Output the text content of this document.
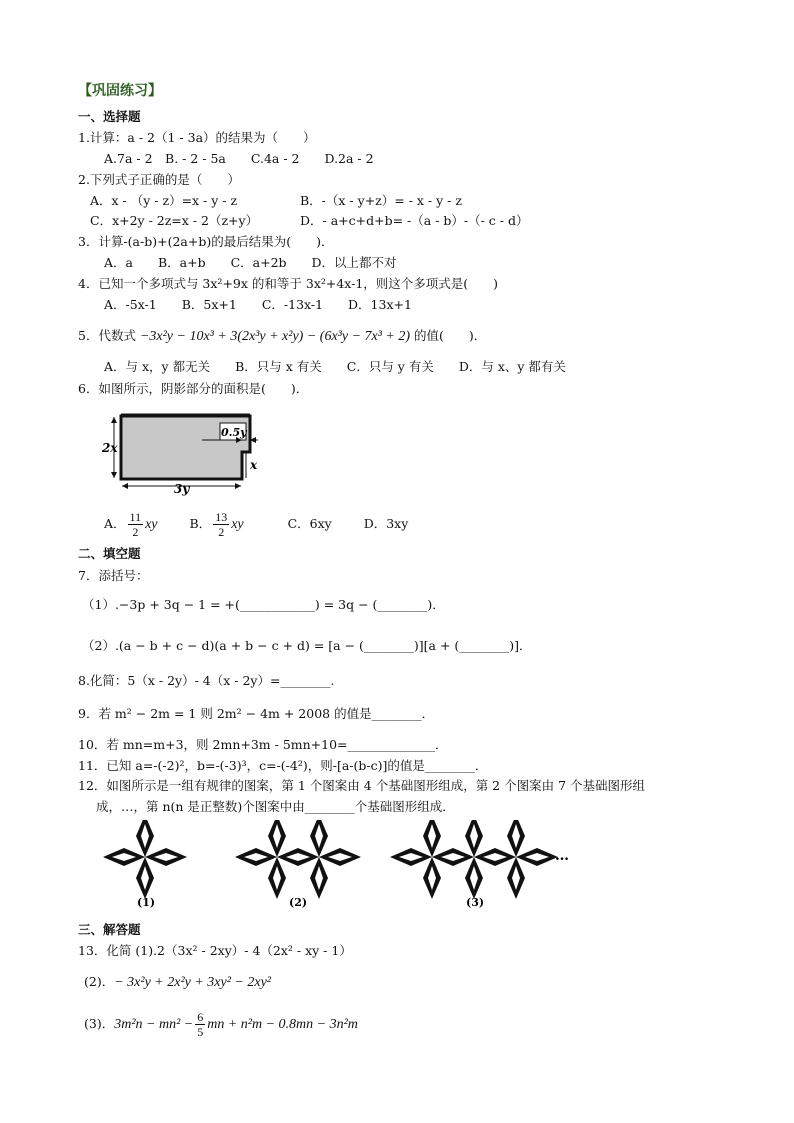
【巩固练习】
一、选择题
1.计算：a - 2（1 - 3a）的结果为（　　）
A.7a - 2　B. - 2 - 5a　　C.4a - 2　　D.2a - 2
2.下列式子正确的是（　　）
A．x - （y - z）=x - y - z	B．-（x - y+z）= - x - y - z
C．x+2y - 2z=x - 2（z+y）	D．- a+c+d+b= -（a - b）-（- c - d）
3．计算-(a-b)+(2a+b)的最后结果为(　　)．
A．a　　B．a+b　　C．a+2b　　D．以上都不对
4．已知一个多项式与 3x²+9x 的和等于 3x²+4x-1，则这个多项式是(　　)
A．-5x-1　　B．5x+1　　C．-13x-1　　D．13x+1
5．代数式 −3x²y − 10x³ + 3(2x³y + x²y) − (6x³y − 7x³ + 2) 的值(　　)．
A．与 x，y 都无关　　B．只与 x 有关　　C．只与 y 有关　　D．与 x、y 都有关
6．如图所示，阴影部分的面积是(　　)．
2x
0.5y
x
3y
A． $\frac{11}{2}$ xy	B． $\frac{13}{2}$ xy	C．6xy	D．3xy
二、填空题
7．添括号：
（1）.−3p + 3q − 1 = +(____________) = 3q − (________)．
（2）.(a − b + c − d)(a + b − c + d) = [a − (________)][a + (________)]．
8.化简：5（x - 2y）- 4（x - 2y）=________.
9．若 m² − 2m = 1 则 2m² − 4m + 2008 的值是________．
10．若 mn=m+3，则 2mn+3m - 5mn+10=______________．
11．已知 a=-(-2)²，b=-(-3)³，c=-(-4²)，则-[a-(b-c)]的值是________．
12．如图所示是一组有规律的图案，第 1 个图案由 4 个基础图形组成，第 2 个图案由 7 个基础图形组
成，…，第 n(n 是正整数)个图案中由________个基础图形组成．
…
(1)	(2)	(3)
三、解答题
13．化简 (1).2（3x² - 2xy）- 4（2x² - xy - 1）
(2)．− 3x²y + 2x²y + 3xy² − 2xy²
(3)．$3m^2n - mn^2 - \frac{6}{5}$ mn + n²m − 0.8mn − 3n²m
